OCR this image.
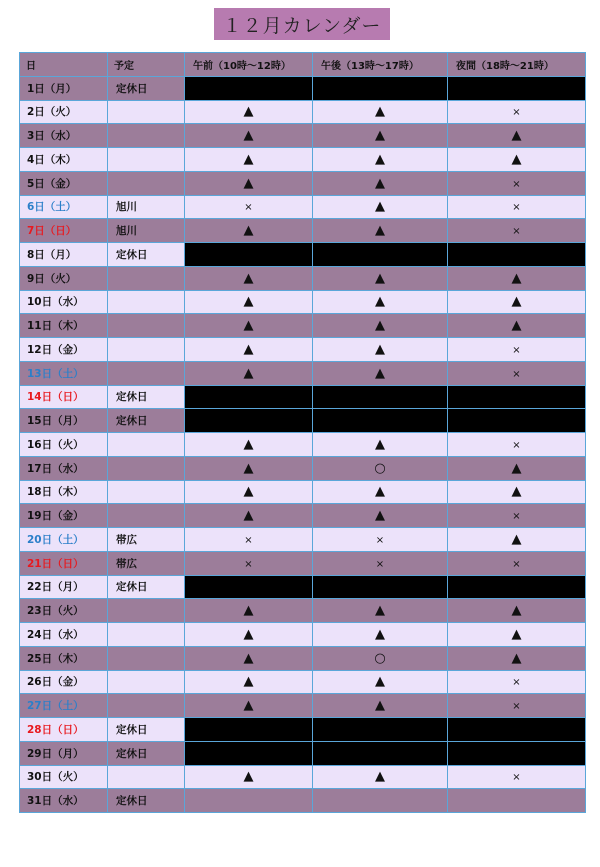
１２月カレンダー
日	予定	午前（10時～12時）	午後（13時～17時）	夜間（18時～21時）
1日（月）	定休日			
2日（火）		▲	▲	×
3日（水）		▲	▲	▲
4日（木）		▲	▲	▲
5日（金）		▲	▲	×
6日（土）	旭川	×	▲	×
7日（日）	旭川	▲	▲	×
8日（月）	定休日			
9日（火）		▲	▲	▲
10日（水）		▲	▲	▲
11日（木）		▲	▲	▲
12日（金）		▲	▲	×
13日（土）		▲	▲	×
14日（日）	定休日			
15日（月）	定休日			
16日（火）		▲	▲	×
17日（水）		▲	○	▲
18日（木）		▲	▲	▲
19日（金）		▲	▲	×
20日（土）	帯広	×	×	▲
21日（日）	帯広	×	×	×
22日（月）	定休日			
23日（火）		▲	▲	▲
24日（水）		▲	▲	▲
25日（木）		▲	○	▲
26日（金）		▲	▲	×
27日（土）		▲	▲	×
28日（日）	定休日			
29日（月）	定休日			
30日（火）		▲	▲	×
31日（水）	定休日			
